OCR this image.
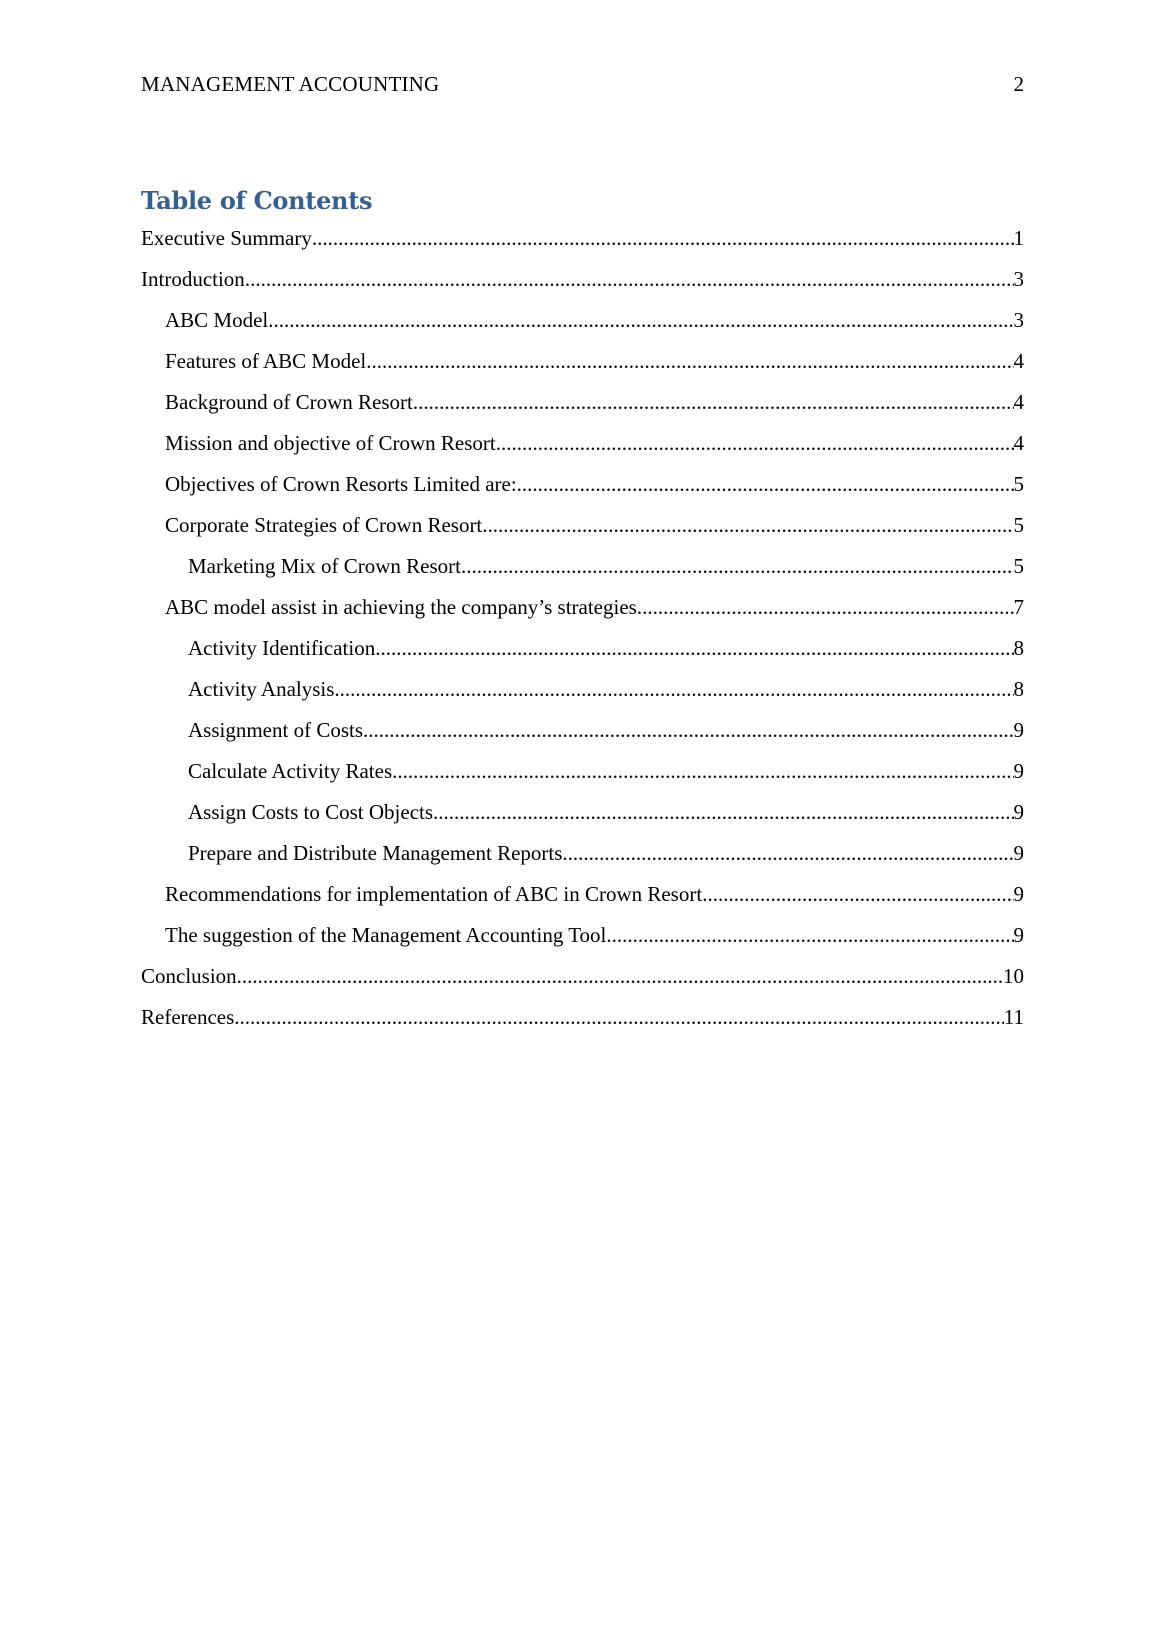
MANAGEMENT ACCOUNTING	2
Table of Contents
Executive Summary .....	1
Introduction .....	3
ABC Model .....	3
Features of ABC Model .....	4
Background of Crown Resort .....	4
Mission and objective of Crown Resort .....	4
Objectives of Crown Resorts Limited are: .....	5
Corporate Strategies of Crown Resort .....	5
Marketing Mix of Crown Resort .....	5
ABC model assist in achieving the company’s strategies .....	7
Activity Identification .....	8
Activity Analysis .....	8
Assignment of Costs .....	9
Calculate Activity Rates .....	9
Assign Costs to Cost Objects .....	9
Prepare and Distribute Management Reports .....	9
Recommendations for implementation of ABC in Crown Resort .....	9
The suggestion of the Management Accounting Tool .....	9
Conclusion .....	10
References .....	11
